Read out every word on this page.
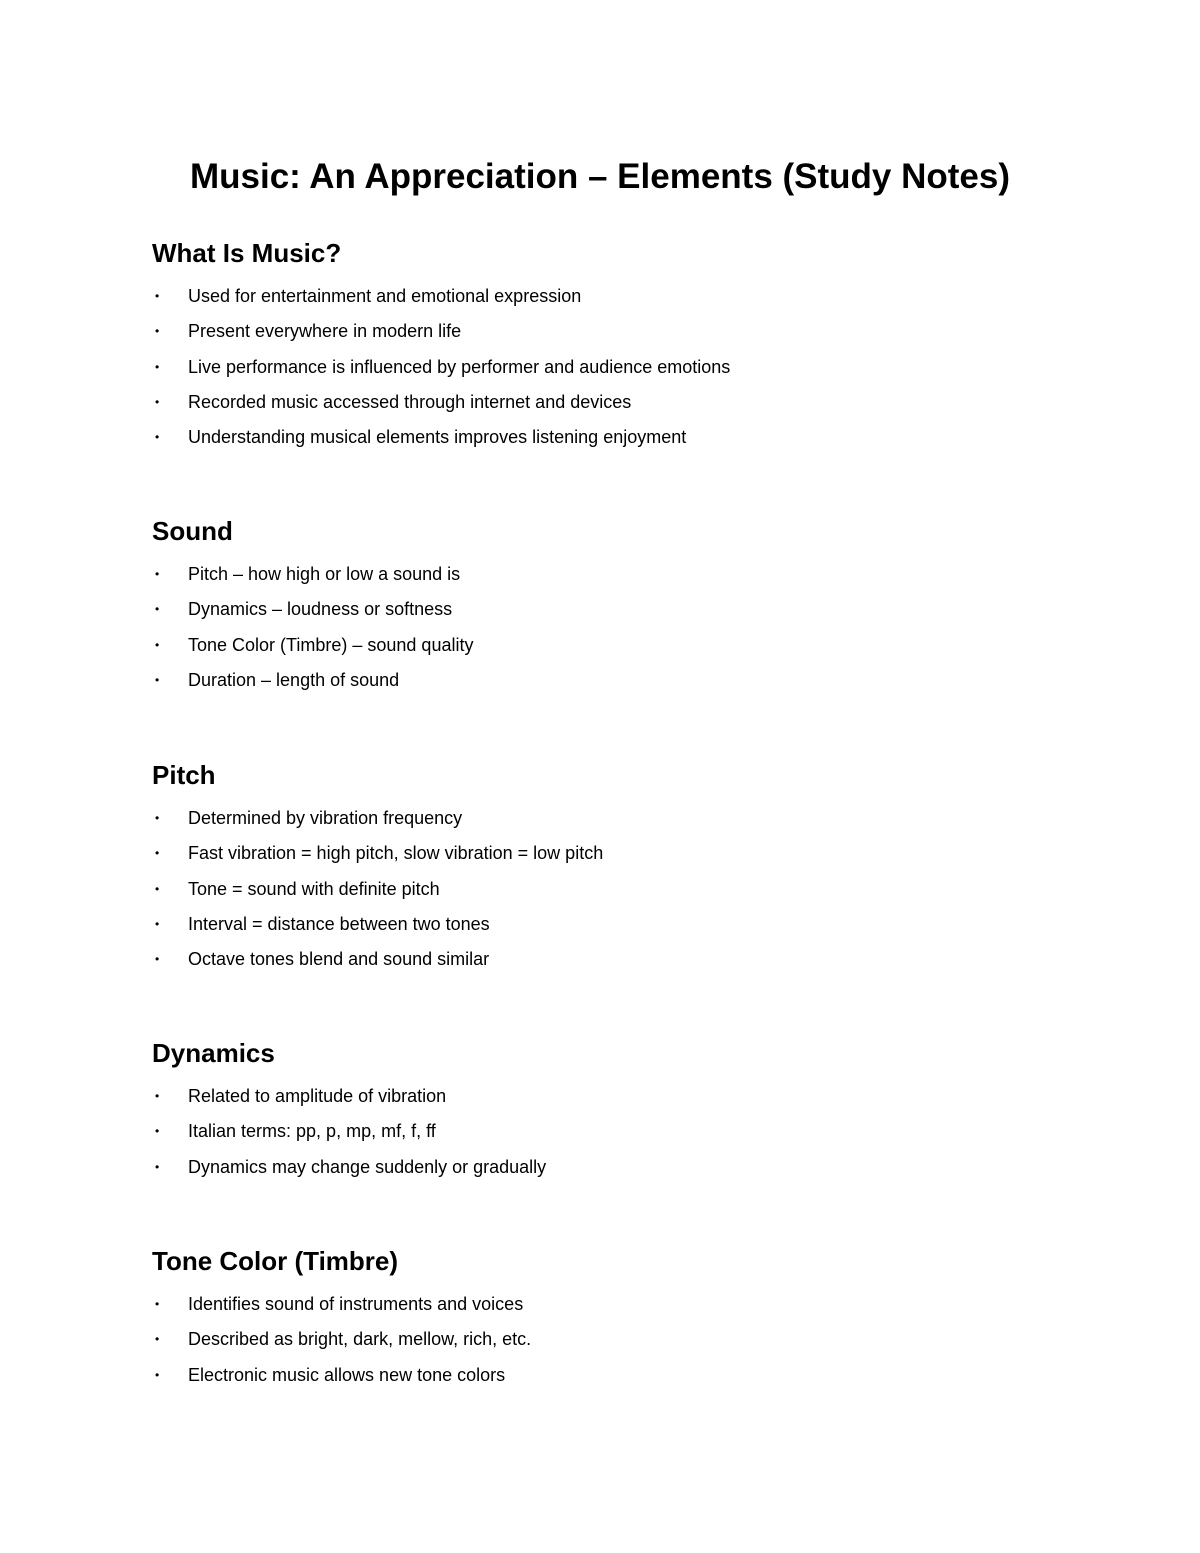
Music: An Appreciation – Elements (Study Notes)
What Is Music?
• Used for entertainment and emotional expression
• Present everywhere in modern life
• Live performance is influenced by performer and audience emotions
• Recorded music accessed through internet and devices
• Understanding musical elements improves listening enjoyment
Sound
• Pitch – how high or low a sound is
• Dynamics – loudness or softness
• Tone Color (Timbre) – sound quality
• Duration – length of sound
Pitch
• Determined by vibration frequency
• Fast vibration = high pitch, slow vibration = low pitch
• Tone = sound with definite pitch
• Interval = distance between two tones
• Octave tones blend and sound similar
Dynamics
• Related to amplitude of vibration
• Italian terms: pp, p, mp, mf, f, ff
• Dynamics may change suddenly or gradually
Tone Color (Timbre)
• Identifies sound of instruments and voices
• Described as bright, dark, mellow, rich, etc.
• Electronic music allows new tone colors
